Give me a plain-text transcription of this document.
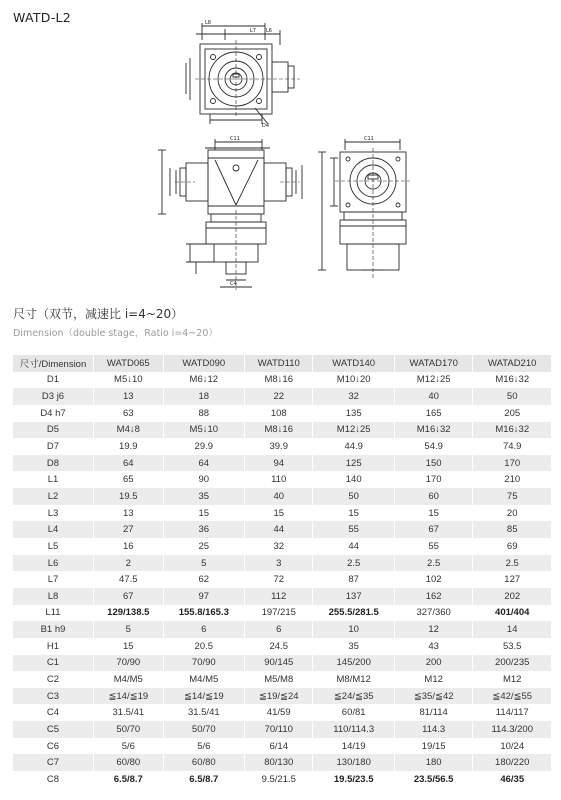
WATD-L2	L8
L7 L6
D4
C11
C4
C11
尺寸（双节，减速比 i=4~20）
Dimension（double stage，Ratio i=4~20）
尺寸/Dimension	WATD065	WATD090	WATD110	WATD140	WATAD170	WATAD210
D1	M5↓10	M6↓12	M8↓16	M10↓20	M12↓25	M16↓32
D3 j6	13	18	22	32	40	50
D4 h7	63	88	108	135	165	205
D5	M4↓8	M5↓10	M8↓16	M12↓25	M16↓32	M16↓32
D7	19.9	29.9	39.9	44.9	54.9	74.9
D8	64	64	94	125	150	170
L1	65	90	110	140	170	210
L2	19.5	35	40	50	60	75
L3	13	15	15	15	15	20
L4	27	36	44	55	67	85
L5	16	25	32	44	55	69
L6	2	5	3	2.5	2.5	2.5
L7	47.5	62	72	87	102	127
L8	67	97	112	137	162	202
L11	129/138.5	155.8/165.3	197/215	255.5/281.5	327/360	401/404
B1 h9	5	6	6	10	12	14
H1	15	20.5	24.5	35	43	53.5
C1	70/90	70/90	90/145	145/200	200	200/235
C2	M4/M5	M4/M5	M5/M8	M8/M12	M12	M12
C3	≦14/≦19	≦14/≦19	≦19/≦24	≦24/≦35	≦35/≦42	≦42/≦55
C4	31.5/41	31.5/41	41/59	60/81	81/114	114/117
C5	50/70	50/70	70/110	110/114.3	114.3	114.3/200
C6	5/6	5/6	6/14	14/19	19/15	10/24
C7	60/80	60/80	80/130	130/180	180	180/220
C8	6.5/8.7	6.5/8.7	9.5/21.5	19.5/23.5	23.5/56.5	46/35
